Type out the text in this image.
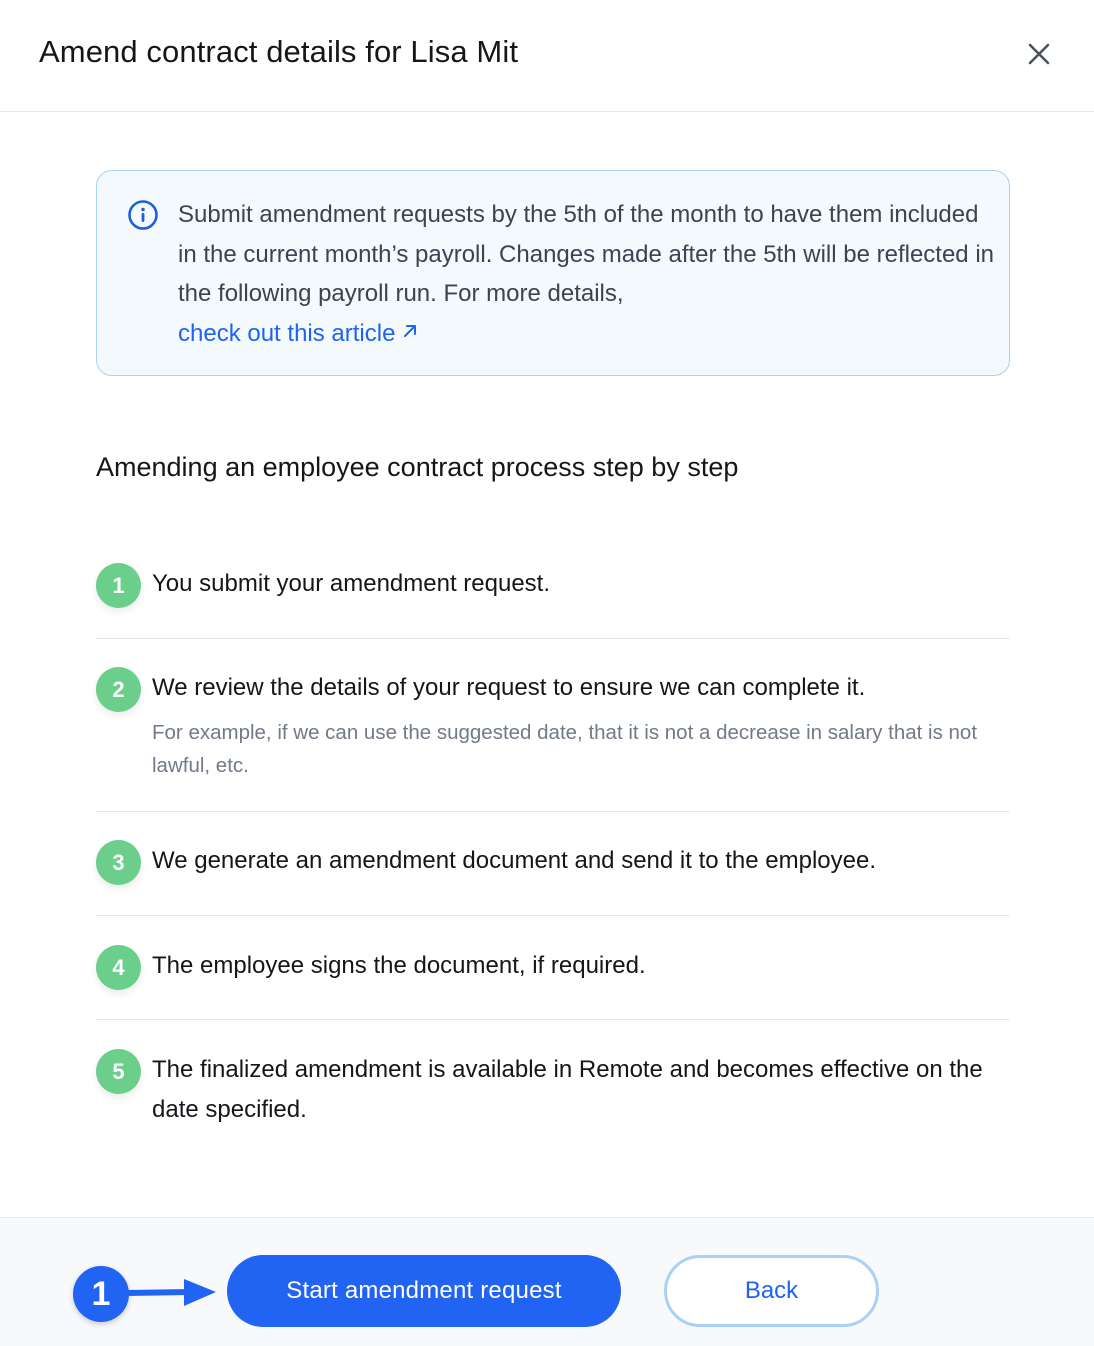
Amend contract details for Lisa Mit
Submit amendment requests by the 5th of the month to have them included in the current month’s payroll. Changes made after the 5th will be reflected in the following payroll run. For more details,
check out this article
Amending an employee contract process step by step
1	You submit your amendment request.
2	We review the details of your request to ensure we can complete it.
For example, if we can use the suggested date, that it is not a decrease in salary that is not lawful, etc.
3	We generate an amendment document and send it to the employee.
4	The employee signs the document, if required.
5	The finalized amendment is available in Remote and becomes effective on the date specified.
1	Start amendment request	Back
